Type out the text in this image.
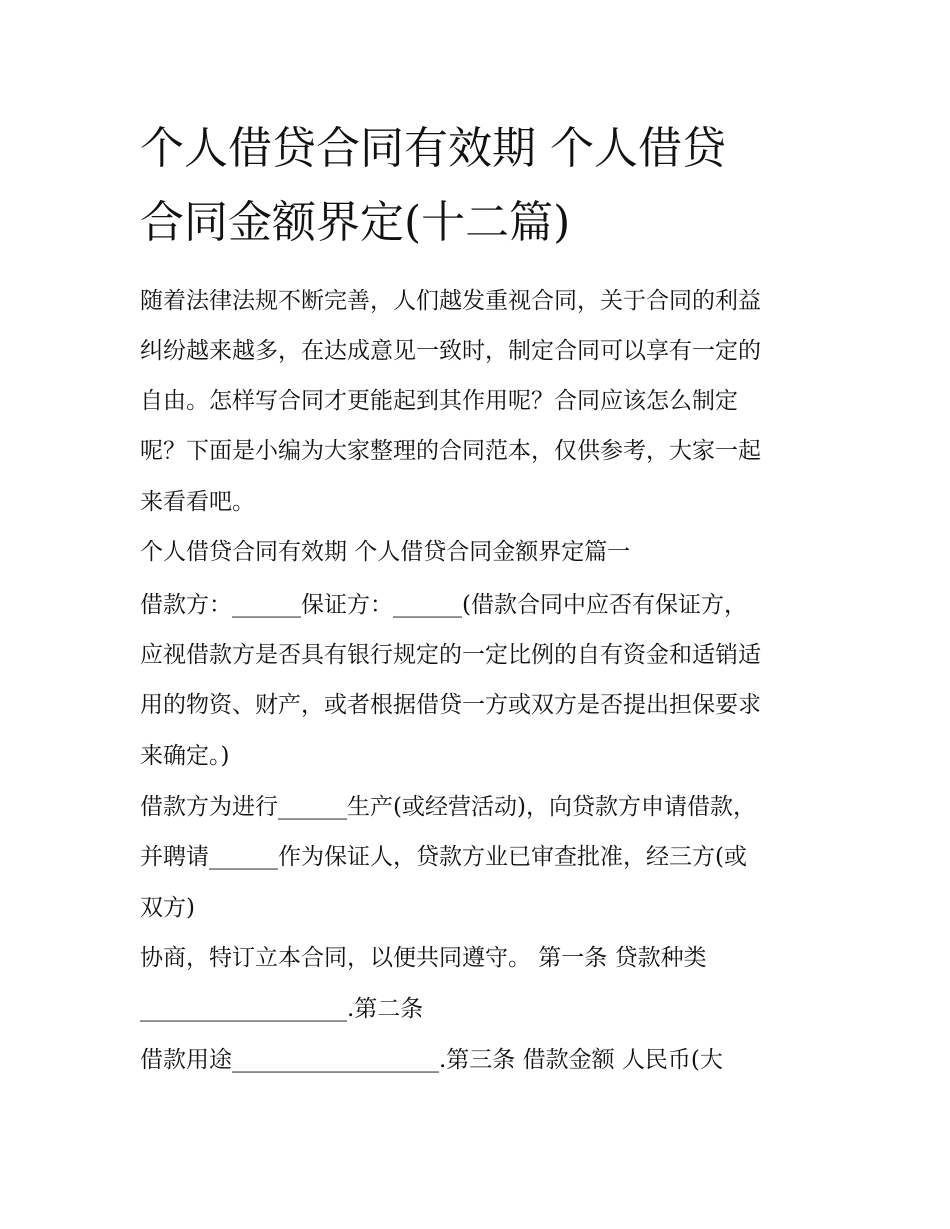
个人借贷合同有效期 个人借贷
合同金额界定(十二篇)

随着法律法规不断完善，人们越发重视合同，关于合同的利益

纠纷越来越多，在达成意见一致时，制定合同可以享有一定的

自由。怎样写合同才更能起到其作用呢？合同应该怎么制定

呢？下面是小编为大家整理的合同范本，仅供参考，大家一起

来看看吧。

个人借贷合同有效期 个人借贷合同金额界定篇一

借款方：______保证方：______(借款合同中应否有保证方，

应视借款方是否具有银行规定的一定比例的自有资金和适销适

用的物资、财产，或者根据借贷一方或双方是否提出担保要求

来确定。)

借款方为进行______生产(或经营活动)，向贷款方申请借款，

并聘请______作为保证人，贷款方业已审查批准，经三方(或

双方)

协商，特订立本合同，以便共同遵守。 第一条 贷款种类

__________________.第二条

借款用途__________________.第三条 借款金额 人民币(大
